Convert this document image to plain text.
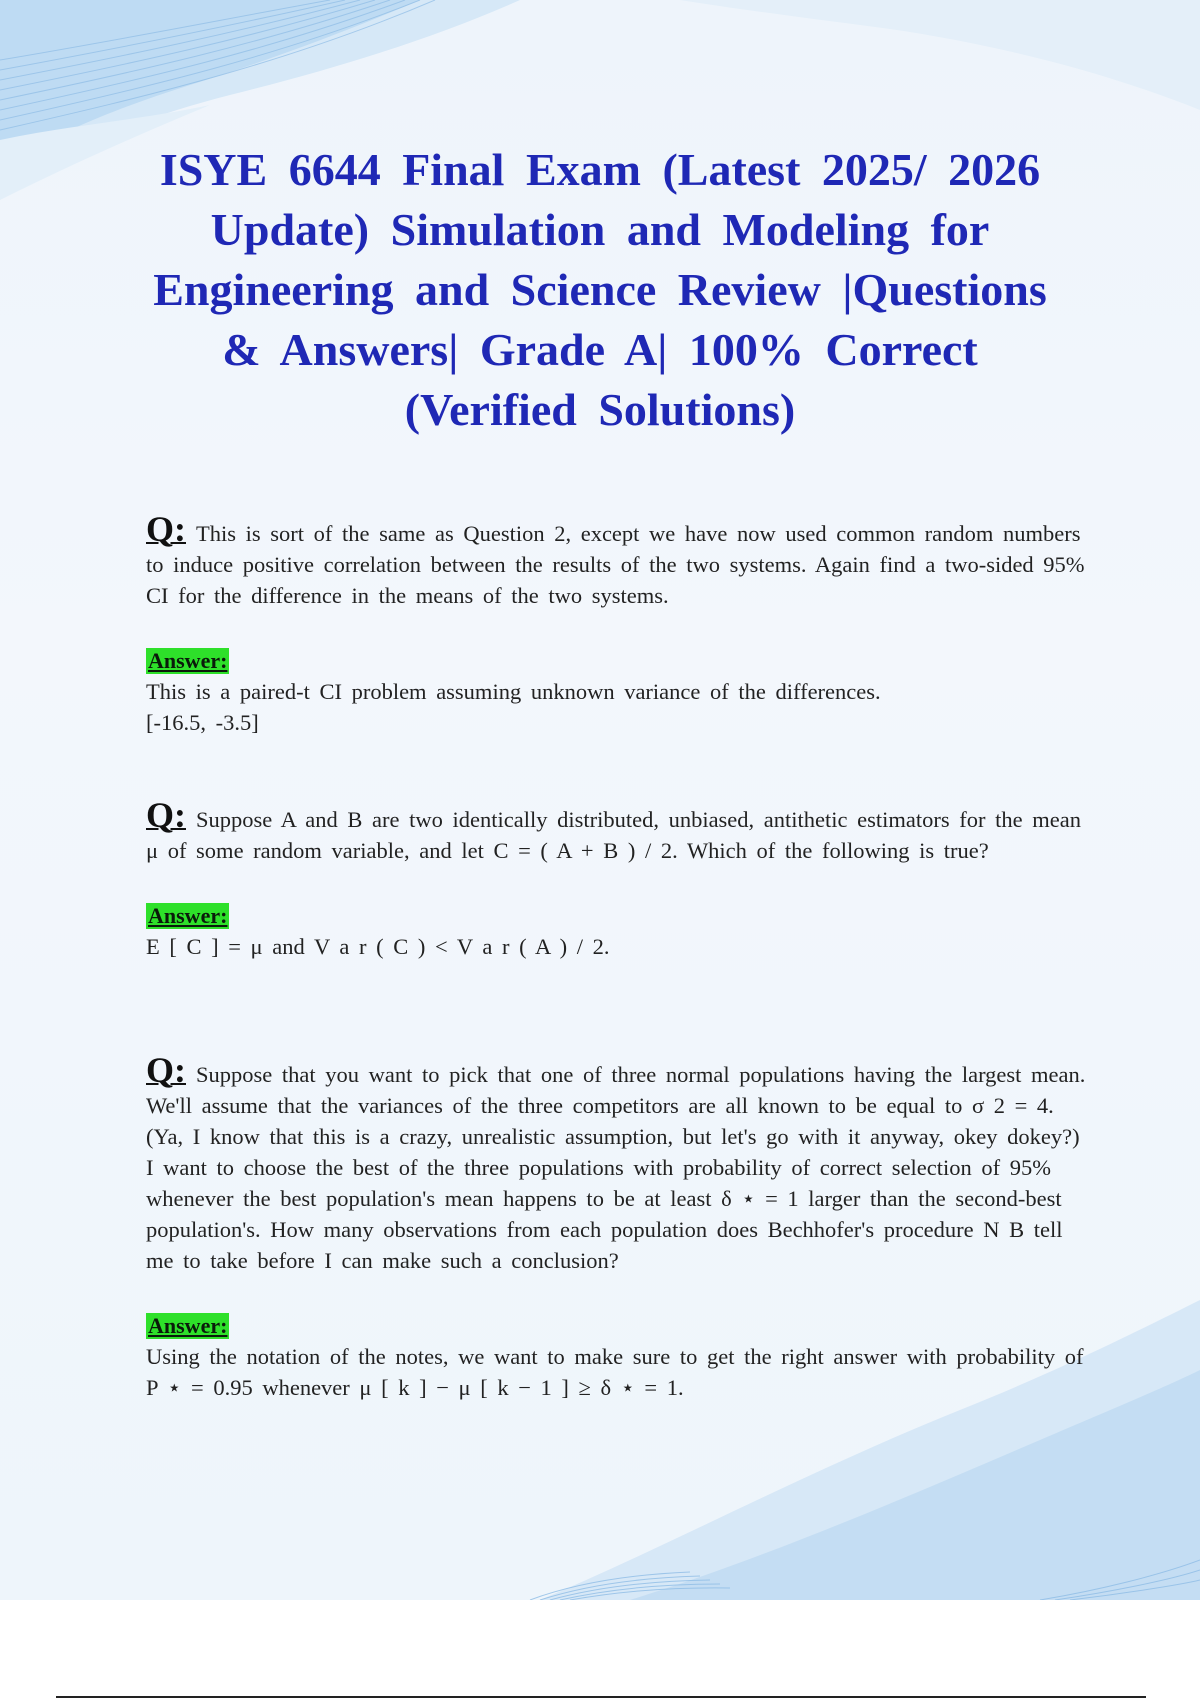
ISYE 6644 Final Exam (Latest 2025/ 2026 Update) Simulation and Modeling for Engineering and Science Review |Questions & Answers| Grade A| 100% Correct (Verified Solutions)
Q: This is sort of the same as Question 2, except we have now used common random numbers to induce positive correlation between the results of the two systems. Again find a two-sided 95% CI for the difference in the means of the two systems.
Answer:
This is a paired-t CI problem assuming unknown variance of the differences.
[-16.5, -3.5]
Q: Suppose A and B are two identically distributed, unbiased, antithetic estimators for the mean μ of some random variable, and let C = ( A + B ) / 2. Which of the following is true?
Answer:
E [ C ] = μ and V a r ( C ) < V a r ( A ) / 2.
Q: Suppose that you want to pick that one of three normal populations having the largest mean. We'll assume that the variances of the three competitors are all known to be equal to σ 2 = 4. (Ya, I know that this is a crazy, unrealistic assumption, but let's go with it anyway, okey dokey?) I want to choose the best of the three populations with probability of correct selection of 95% whenever the best population's mean happens to be at least δ ⋆ = 1 larger than the second-best population's. How many observations from each population does Bechhofer's procedure N B tell me to take before I can make such a conclusion?
Answer:
Using the notation of the notes, we want to make sure to get the right answer with probability of P ⋆ = 0.95 whenever μ [ k ] − μ [ k − 1 ] ≥ δ ⋆ = 1.
